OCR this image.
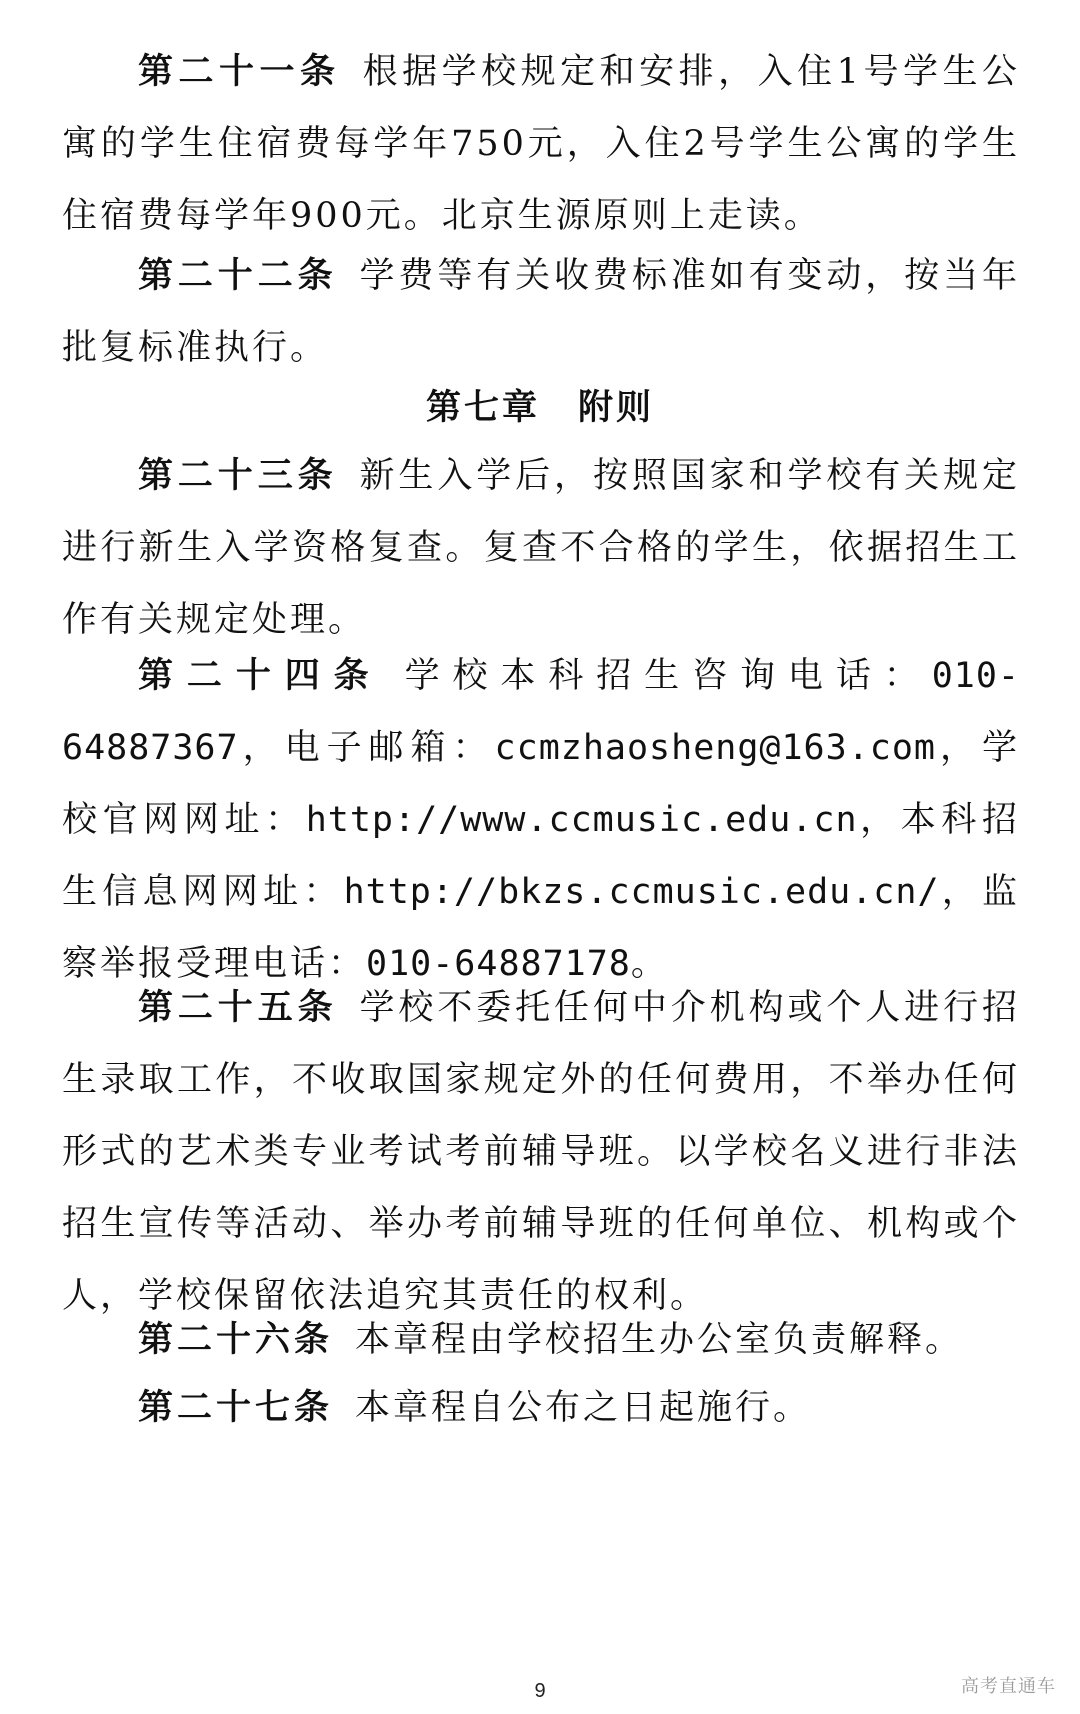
第二十一条 根据学校规定和安排，入住1号学生公寓的学生住宿费每学年750元，入住2号学生公寓的学生住宿费每学年900元。北京生源原则上走读。

第二十二条 学费等有关收费标准如有变动，按当年批复标准执行。

第七章　附则

第二十三条 新生入学后，按照国家和学校有关规定进行新生入学资格复查。复查不合格的学生，依据招生工作有关规定处理。

第二十四条 学校本科招生咨询电话：010-64887367，电子邮箱：ccmzhaosheng@163.com，学校官网网址：http://www.ccmusic.edu.cn，本科招生信息网网址：http://bkzs.ccmusic.edu.cn/，监察举报受理电话：010-64887178。

第二十五条 学校不委托任何中介机构或个人进行招生录取工作，不收取国家规定外的任何费用，不举办任何形式的艺术类专业考试考前辅导班。以学校名义进行非法招生宣传等活动、举办考前辅导班的任何单位、机构或个人，学校保留依法追究其责任的权利。

第二十六条 本章程由学校招生办公室负责解释。

第二十七条 本章程自公布之日起施行。

9	高考直通车
